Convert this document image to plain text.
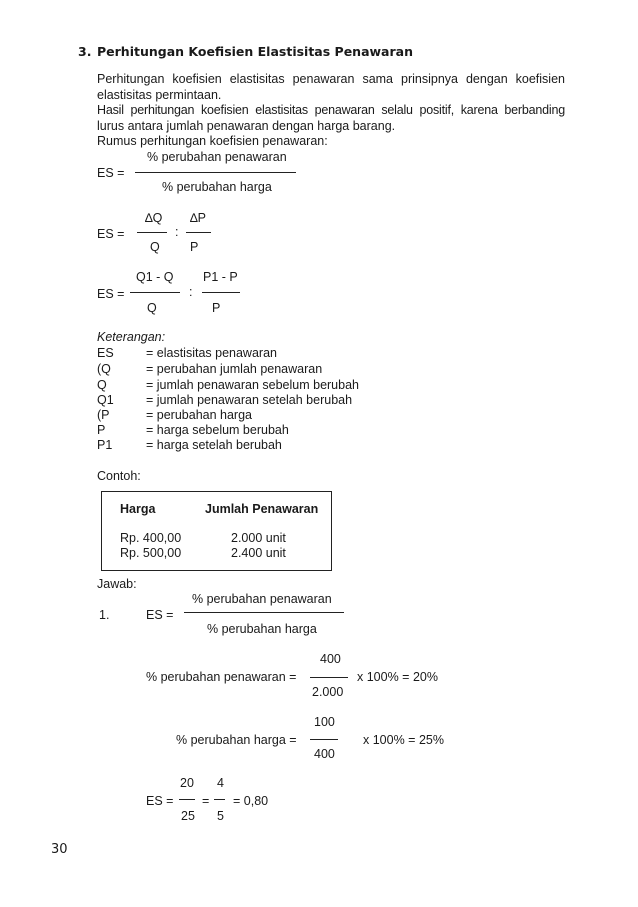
3. Perhitungan Koefisien Elastisitas Penawaran
Perhitungan koefisien elastisitas penawaran sama prinsipnya dengan koefisien
elastisitas permintaan.
Hasil perhitungan koefisien elastisitas penawaran selalu positif, karena berbanding
lurus antara jumlah penawaran dengan harga barang.
Rumus perhitungan koefisien penawaran:
% perubahan penawaran
ES =
% perubahan harga
∆Q ∆P
ES =	:
Q P
Q1 - Q P1 - P
ES =	:
Q	P
Keterangan:
ES	= elastisitas penawaran
(Q	= perubahan jumlah penawaran
Q	= jumlah penawaran sebelum berubah
Q1	= jumlah penawaran setelah berubah
(P	= perubahan harga
P	= harga sebelum berubah
P1	= harga setelah berubah
Contoh:
Harga	Jumlah Penawaran
Rp. 400,00	2.000 unit
Rp. 500,00	2.400 unit
Jawab:
% perubahan penawaran
1.	ES =
% perubahan harga
400
% perubahan penawaran =	x 100% = 20%
2.000
100
% perubahan harga =	x 100% = 25%
400
20 4
ES = = = 0,80
25 5
30
